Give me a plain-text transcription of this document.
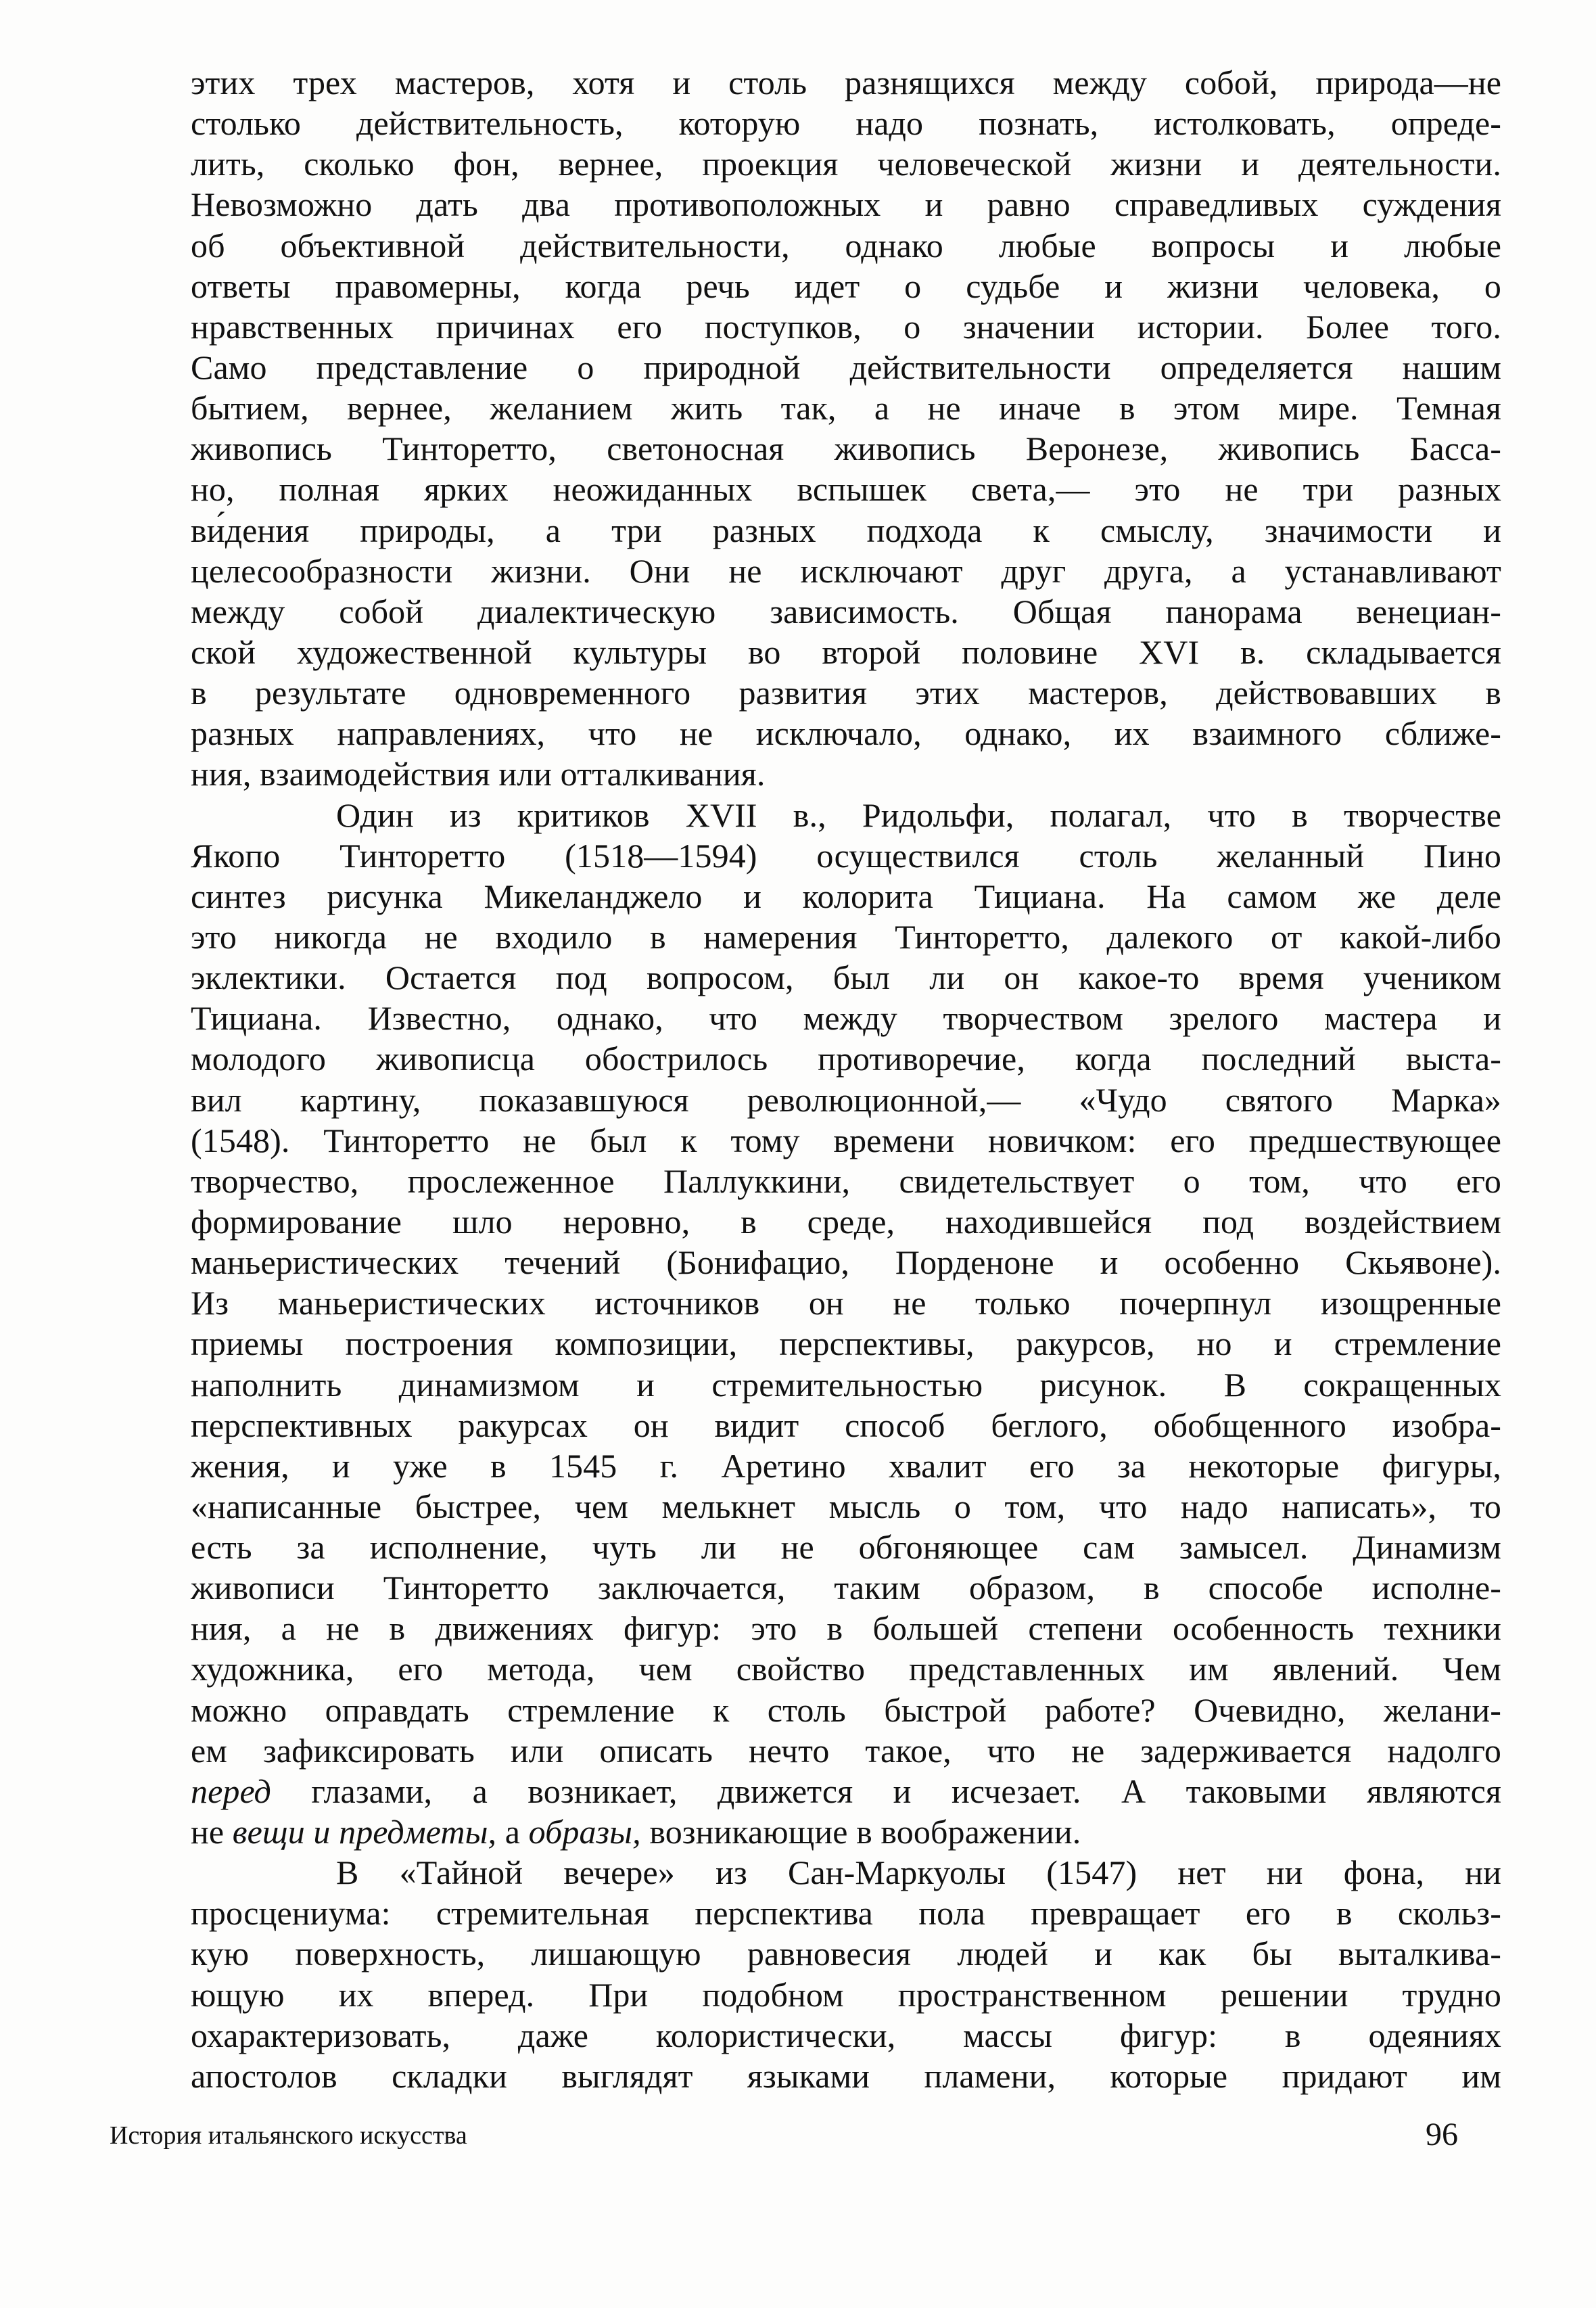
этих трех мастеров, хотя и столь разнящихся между собой, природа—не
столько действительность, которую надо познать, истолковать, опреде-
лить, сколько фон, вернее, проекция человеческой жизни и деятельности.
Невозможно дать два противоположных и равно справедливых суждения
об объективной действительности, однако любые вопросы и любые
ответы правомерны, когда речь идет о судьбе и жизни человека, о
нравственных причинах его поступков, о значении истории. Более того.
Само представление о природной действительности определяется нашим
бытием, вернее, желанием жить так, а не иначе в этом мире. Темная
живопись Тинторетто, светоносная живопись Веронезе, живопись Басса-
но, полная ярких неожиданных вспышек света,— это не три разных
ви́дения природы, а три разных подхода к смыслу, значимости и
целесообразности жизни. Они не исключают друг друга, а устанавливают
между собой диалектическую зависимость. Общая панорама венециан-
ской художественной культуры во второй половине XVI в. складывается
в результате одновременного развития этих мастеров, действовавших в
разных направлениях, что не исключало, однако, их взаимного сближе-
ния, взаимодействия или отталкивания.
Один из критиков XVII в., Ридольфи, полагал, что в творчестве
Якопо Тинторетто (1518—1594) осуществился столь желанный Пино
синтез рисунка Микеланджело и колорита Тициана. На самом же деле
это никогда не входило в намерения Тинторетто, далекого от какой-либо
эклектики. Остается под вопросом, был ли он какое-то время учеником
Тициана. Известно, однако, что между творчеством зрелого мастера и
молодого живописца обострилось противоречие, когда последний выста-
вил картину, показавшуюся революционной,— «Чудо святого Марка»
(1548). Тинторетто не был к тому времени новичком: его предшествующее
творчество, прослеженное Паллуккини, свидетельствует о том, что его
формирование шло неровно, в среде, находившейся под воздействием
маньеристических течений (Бонифацио, Порденоне и особенно Скьявоне).
Из маньеристических источников он не только почерпнул изощренные
приемы построения композиции, перспективы, ракурсов, но и стремление
наполнить динамизмом и стремительностью рисунок. В сокращенных
перспективных ракурсах он видит способ беглого, обобщенного изобра-
жения, и уже в 1545 г. Аретино хвалит его за некоторые фигуры,
«написанные быстрее, чем мелькнет мысль о том, что надо написать», то
есть за исполнение, чуть ли не обгоняющее сам замысел. Динамизм
живописи Тинторетто заключается, таким образом, в способе исполне-
ния, а не в движениях фигур: это в большей степени особенность техники
художника, его метода, чем свойство представленных им явлений. Чем
можно оправдать стремление к столь быстрой работе? Очевидно, желани-
ем зафиксировать или описать нечто такое, что не задерживается надолго
перед глазами, а возникает, движется и исчезает. А таковыми являются
не вещи и предметы, а образы, возникающие в воображении.
В «Тайной вечере» из Сан-Маркуолы (1547) нет ни фона, ни
просцениума: стремительная перспектива пола превращает его в скольз-
кую поверхность, лишающую равновесия людей и как бы выталкива-
ющую их вперед. При подобном пространственном решении трудно
охарактеризовать, даже колористически, массы фигур: в одеяниях
апостолов складки выглядят языками пламени, которые придают им
История итальянского искусства	96
